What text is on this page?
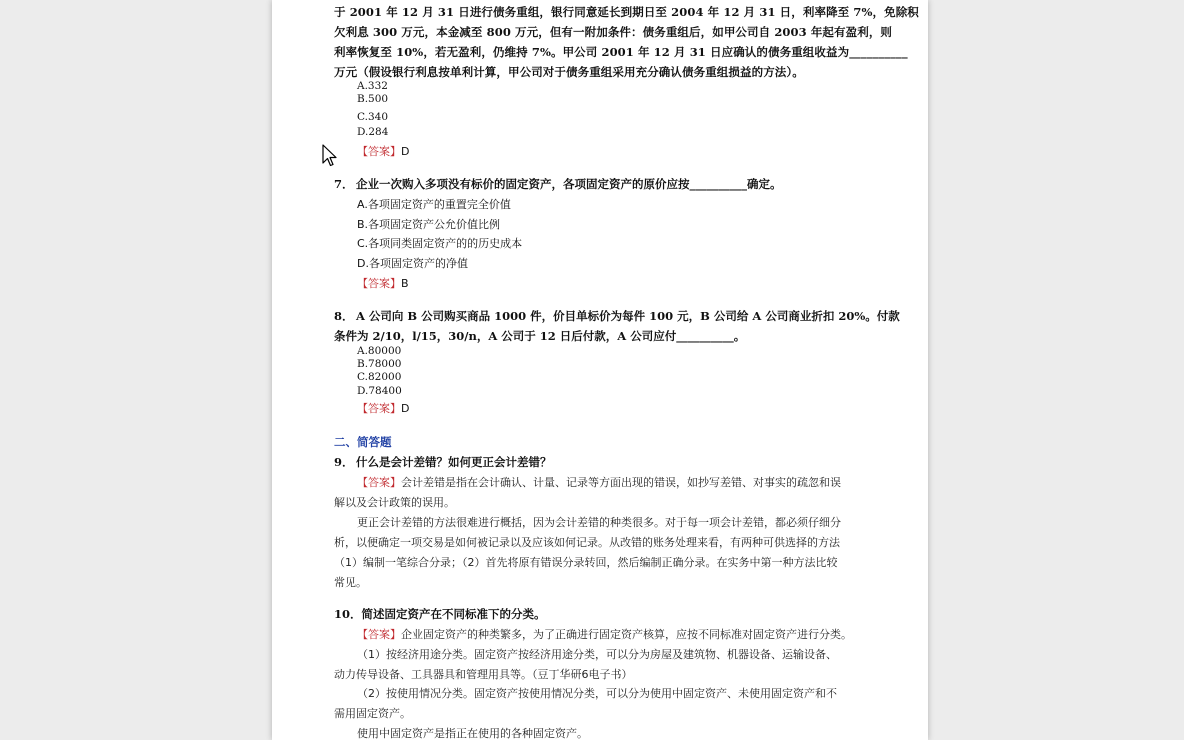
于 2001 年 12 月 31 日进行债务重组，银行同意延长到期日至 2004 年 12 月 31 日，利率降至 7%，免除积
欠利息 300 万元，本金减至 800 万元，但有一附加条件：债务重组后，如甲公司自 2003 年起有盈利，则
利率恢复至 10%，若无盈利，仍维持 7%。甲公司 2001 年 12 月 31 日应确认的债务重组收益为__________
万元（假设银行利息按单利计算，甲公司对于债务重组采用充分确认债务重组损益的方法）。
A.332
B.500
C.340
D.284
【答案】D
7． 企业一次购入多项没有标价的固定资产，各项固定资产的原价应按__________确定。
A.各项固定资产的重置完全价值
B.各项固定资产公允价值比例
C.各项同类固定资产的的历史成本
D.各项固定资产的净值
【答案】B
8． A 公司向 B 公司购买商品 1000 件，价目单标价为每件 100 元，B 公司给 A 公司商业折扣 20%。付款
条件为 2/10，l/15，30/n，A 公司于 12 日后付款，A 公司应付__________。
A.80000
B.78000
C.82000
D.78400
【答案】D
二、简答题
9． 什么是会计差错？如何更正会计差错？
【答案】会计差错是指在会计确认、计量、记录等方面出现的错误，如抄写差错、对事实的疏忽和误
解以及会计政策的误用。
更正会计差错的方法很难进行概括，因为会计差错的种类很多。对于每一项会计差错，都必须仔细分
析，以便确定一项交易是如何被记录以及应该如何记录。从改错的账务处理来看，有两种可供选择的方法
（1）编制一笔综合分录；（2）首先将原有错误分录转回，然后编制正确分录。在实务中第一种方法比较
常见。
10．简述固定资产在不同标准下的分类。
【答案】企业固定资产的种类繁多，为了正确进行固定资产核算，应按不同标准对固定资产进行分类。
（1）按经济用途分类。固定资产按经济用途分类，可以分为房屋及建筑物、机器设备、运输设备、
动力传导设备、工具器具和管理用具等。（豆丁华研6电子书）
（2）按使用情况分类。固定资产按使用情况分类，可以分为使用中固定资产、未使用固定资产和不
需用固定资产。
使用中固定资产是指正在使用的各种固定资产。
